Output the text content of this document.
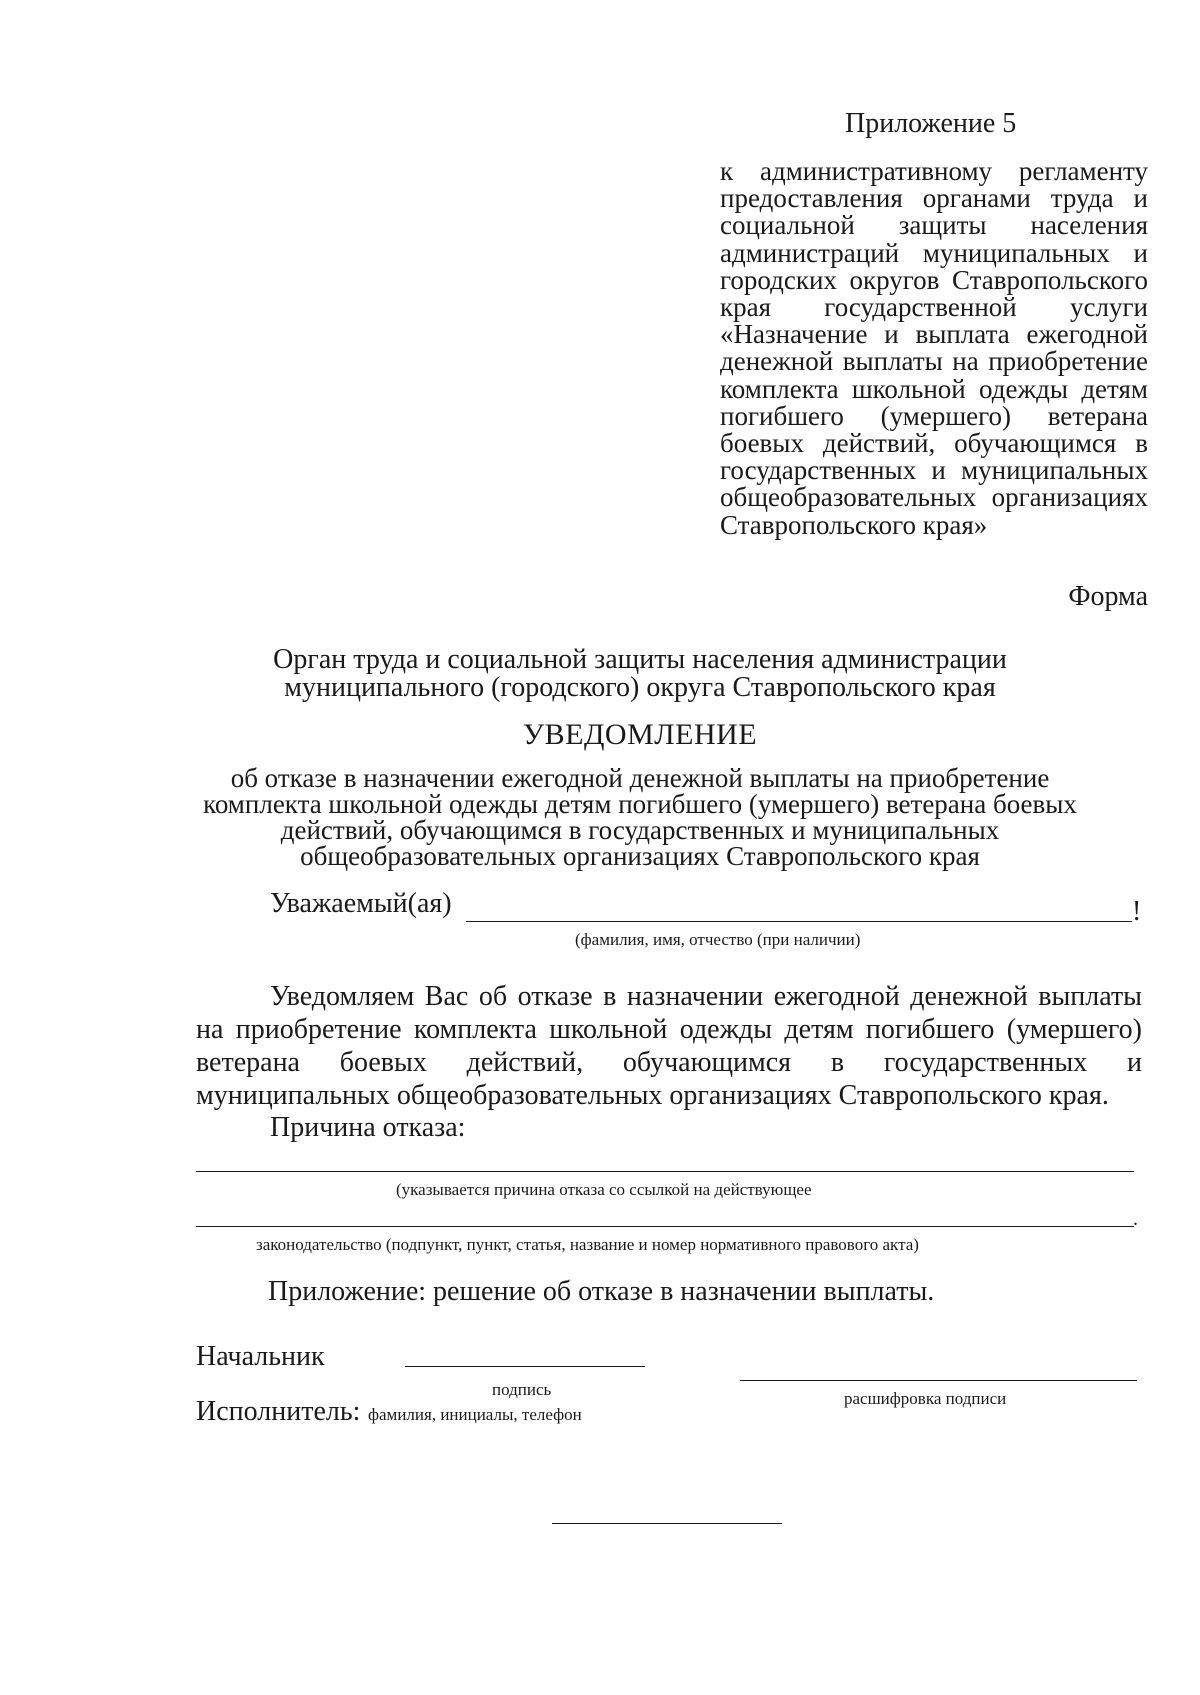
Приложение 5

к административному регламенту предоставления органами труда и социальной защиты населения администраций муниципальных и городских округов Ставропольского края государственной услуги «Назначение и выплата ежегодной денежной выплаты на приобретение комплекта школьной одежды детям погибшего (умершего) ветерана боевых действий, обучающимся в государственных и муниципальных общеобразовательных организациях Ставропольского края»

Форма

Орган труда и социальной защиты населения администрации муниципального (городского) округа Ставропольского края

УВЕДОМЛЕНИЕ

об отказе в назначении ежегодной денежной выплаты на приобретение комплекта школьной одежды детям погибшего (умершего) ветерана боевых действий, обучающимся в государственных и муниципальных общеобразовательных организациях Ставропольского края

Уважаемый(ая)	!
(фамилия, имя, отчество (при наличии)

Уведомляем Вас об отказе в назначении ежегодной денежной выплаты на приобретение комплекта школьной одежды детям погибшего (умершего) ветерана боевых действий, обучающимся в государственных и муниципальных общеобразовательных организациях Ставропольского края.

Причина отказа:

(указывается причина отказа со ссылкой на действующее
.
законодательство (подпункт, пункт, статья, название и номер нормативного правового акта)

Приложение: решение об отказе в назначении выплаты.

Начальник

подпись	расшифровка подписи

Исполнитель: фамилия, инициалы, телефон
